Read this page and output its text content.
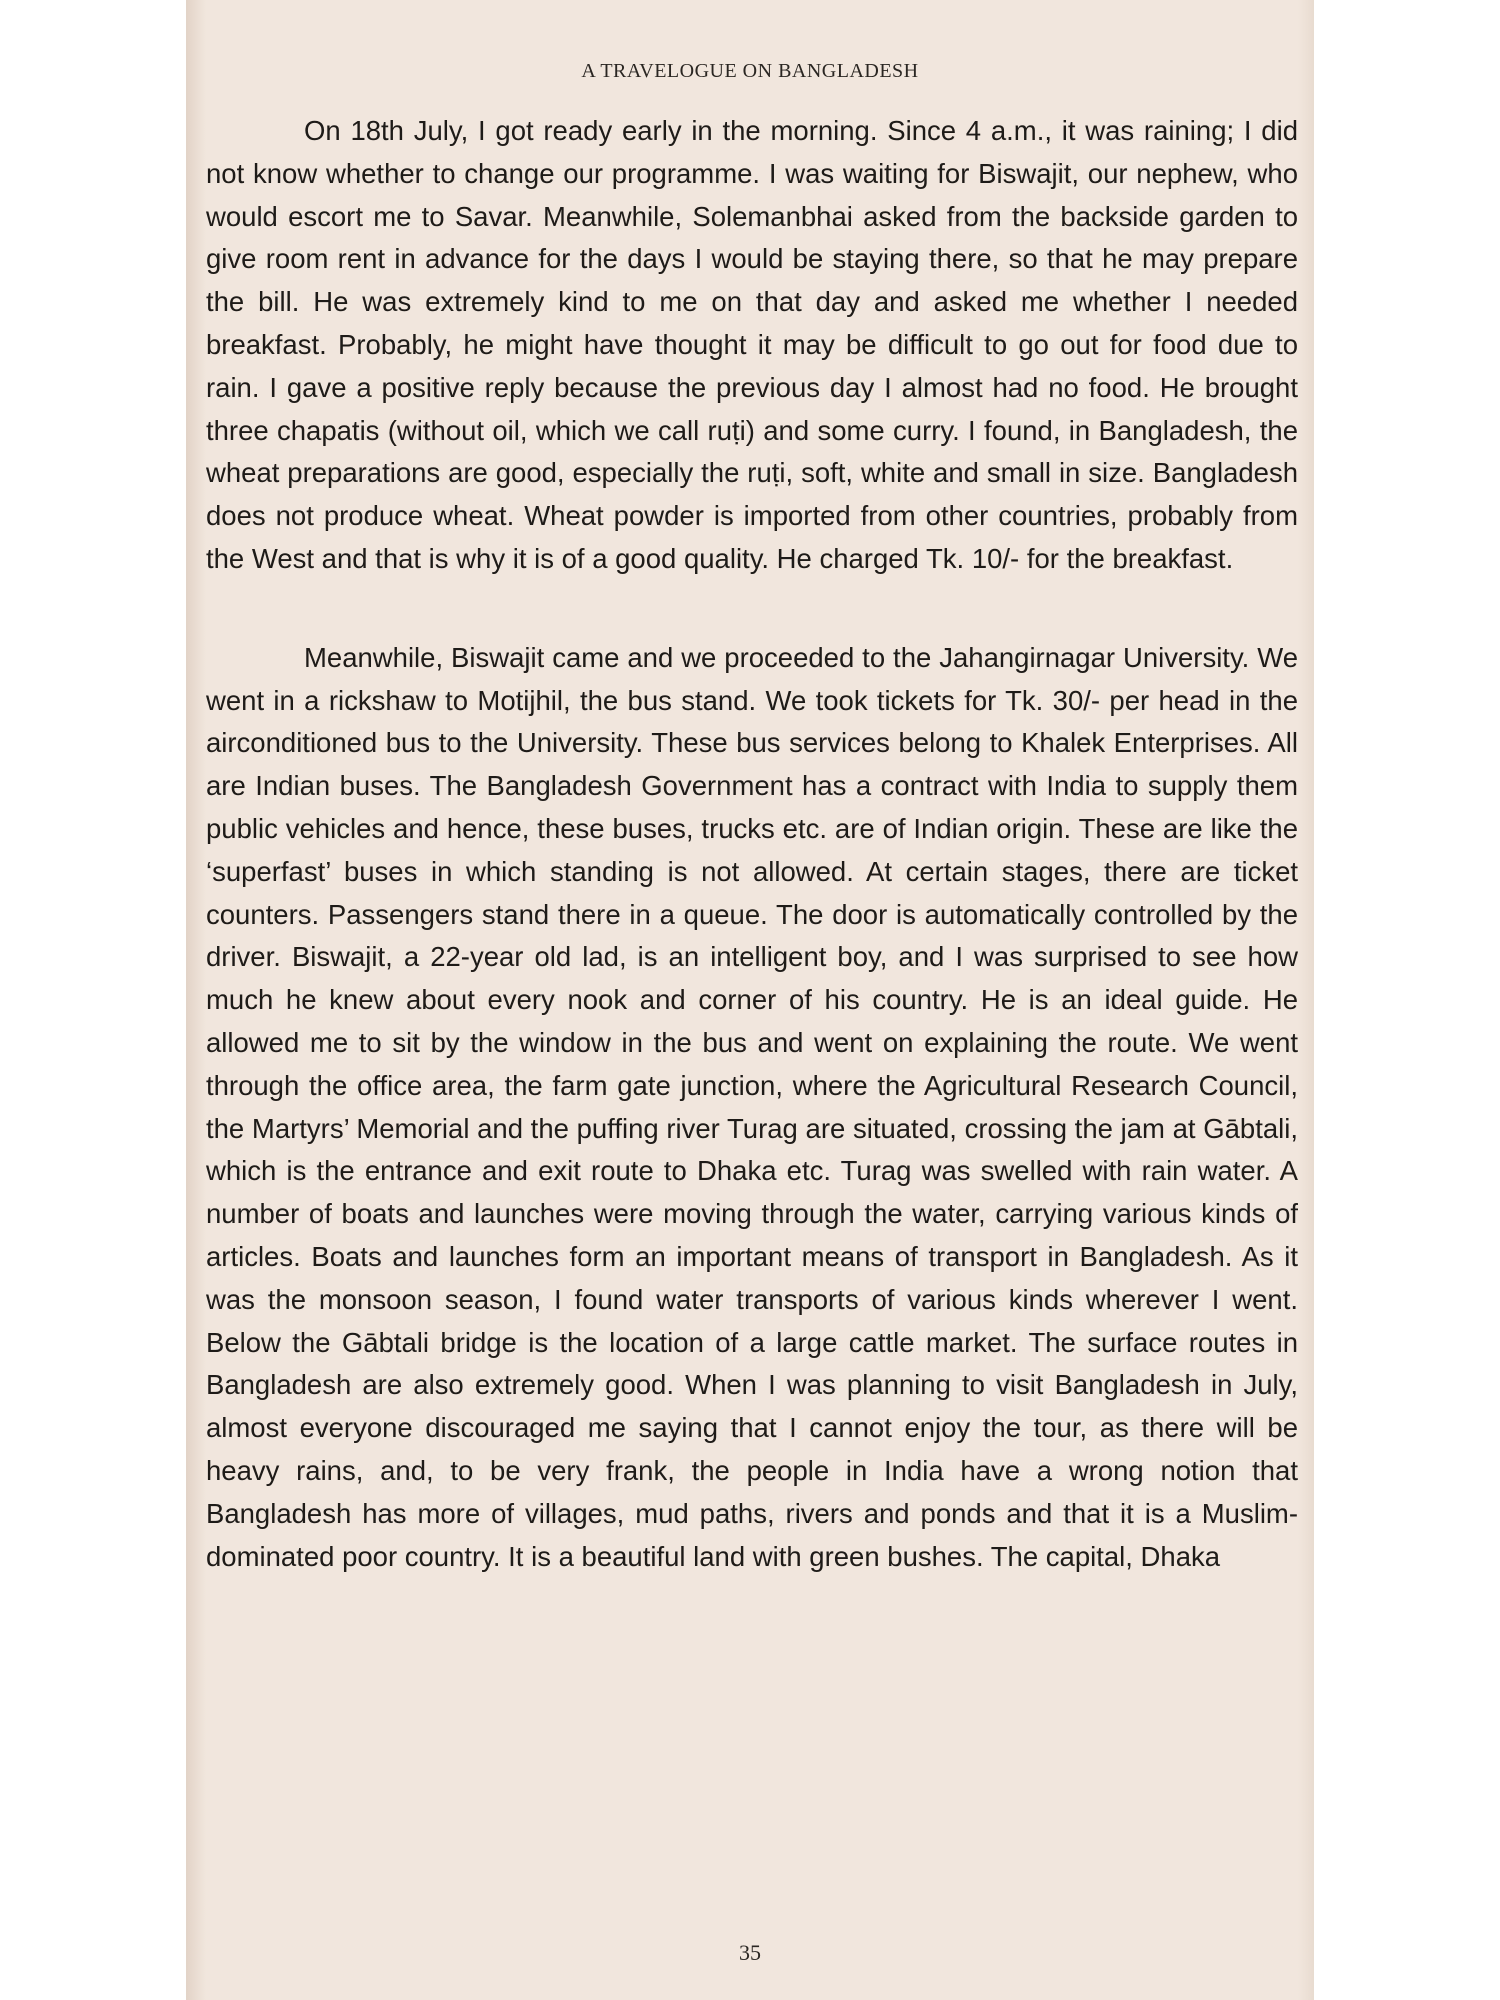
A TRAVELOGUE ON BANGLADESH

On 18th July, I got ready early in the morning. Since 4 a.m., it was raining; I did not know whether to change our programme. I was waiting for Biswajit, our nephew, who would escort me to Savar. Meanwhile, Solemanbhai asked from the backside garden to give room rent in advance for the days I would be staying there, so that he may prepare the bill. He was extremely kind to me on that day and asked me whether I needed breakfast. Probably, he might have thought it may be difficult to go out for food due to rain. I gave a positive reply because the previous day I almost had no food. He brought three chapatis (without oil, which we call ruṭi) and some curry. I found, in Bangladesh, the wheat preparations are good, especially the ruṭi, soft, white and small in size. Bangladesh does not produce wheat. Wheat powder is imported from other countries, probably from the West and that is why it is of a good quality. He charged Tk. 10/- for the breakfast.

Meanwhile, Biswajit came and we proceeded to the Jahangirnagar University. We went in a rickshaw to Motijhil, the bus stand. We took tickets for Tk. 30/- per head in the airconditioned bus to the University. These bus services belong to Khalek Enterprises. All are Indian buses. The Bangladesh Government has a contract with India to supply them public vehicles and hence, these buses, trucks etc. are of Indian origin. These are like the ‘superfast’ buses in which standing is not allowed. At certain stages, there are ticket counters. Passengers stand there in a queue. The door is automatically controlled by the driver. Biswajit, a 22-year old lad, is an intelligent boy, and I was surprised to see how much he knew about every nook and corner of his country. He is an ideal guide. He allowed me to sit by the window in the bus and went on explaining the route. We went through the office area, the farm gate junction, where the Agricultural Research Council, the Martyrs’ Memorial and the puffing river Turag are situated, crossing the jam at Gābtali, which is the entrance and exit route to Dhaka etc. Turag was swelled with rain water. A number of boats and launches were moving through the water, carrying various kinds of articles. Boats and launches form an important means of transport in Bangladesh. As it was the monsoon season, I found water transports of various kinds wherever I went. Below the Gābtali bridge is the location of a large cattle market. The surface routes in Bangladesh are also extremely good. When I was planning to visit Bangladesh in July, almost everyone discouraged me saying that I cannot enjoy the tour, as there will be heavy rains, and, to be very frank, the people in India have a wrong notion that Bangladesh has more of villages, mud paths, rivers and ponds and that it is a Muslim-dominated poor country. It is a beautiful land with green bushes. The capital, Dhaka

35
